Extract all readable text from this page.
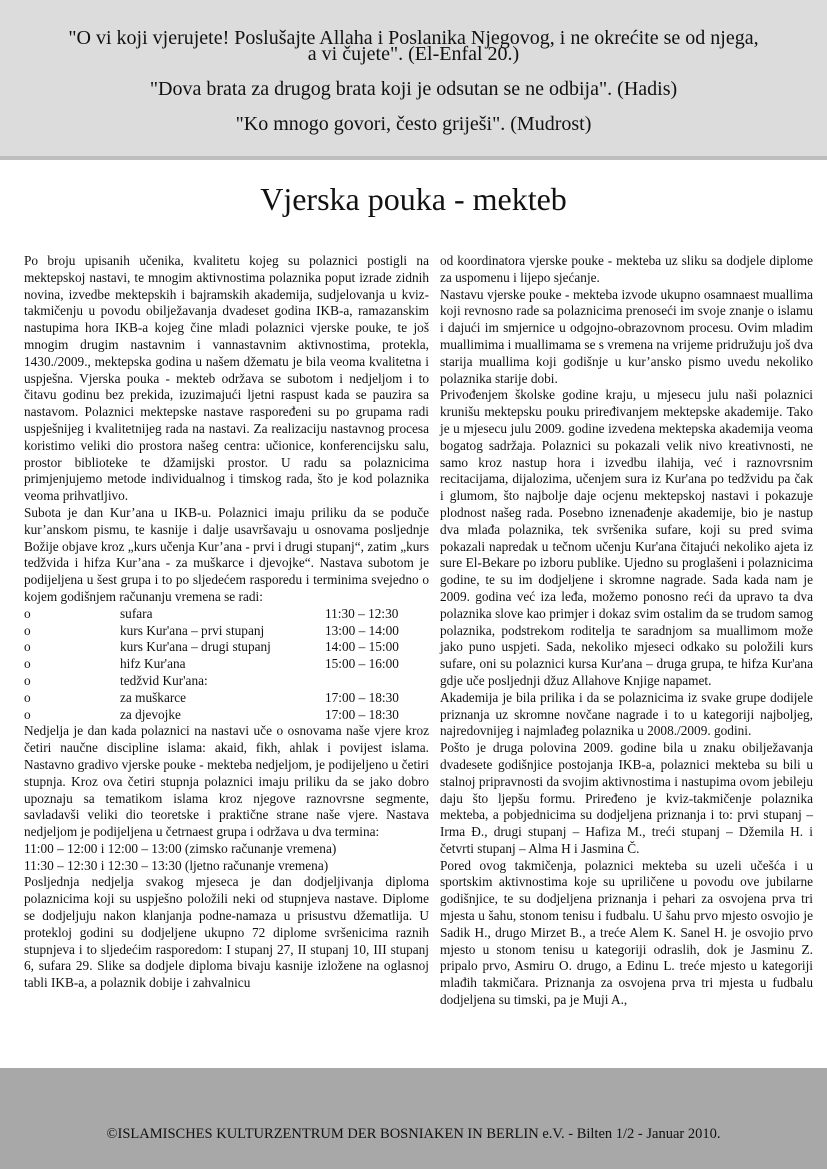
"O vi koji vjerujete! Poslušajte Allaha i Poslanika Njegovog, i ne okrećite se od njega,
a vi čujete". (El-Enfal 20.)
"Dova brata za drugog brata koji je odsutan se ne odbija". (Hadis)
"Ko mnogo govori, često griješi". (Mudrost)
Vjerska pouka - mekteb

Po broju upisanih učenika, kvalitetu kojeg su polaznici postigli na mektepskoj nastavi, te mnogim aktivnostima polaznika poput izrade zidnih novina, izvedbe mektepskih i bajramskih akademija, sudjelovanja u kviz-takmičenju u povodu obilježavanja dvadeset godina IKB-a, ramazanskim nastupima hora IKB-a kojeg čine mladi polaznici vjerske pouke, te još mnogim drugim nastavnim i vannastavnim aktivnostima, protekla, 1430./2009., mektepska godina u našem džematu je bila veoma kvalitetna i uspješna. Vjerska pouka - mekteb održava se subotom i nedjeljom i to čitavu godinu bez prekida, izuzimajući ljetni raspust kada se pauzira sa nastavom. Polaznici mektepske nastave raspoređeni su po grupama radi uspješnijeg i kvalitetnijeg rada na nastavi. Za realizaciju nastavnog procesa koristimo veliki dio prostora našeg centra: učionice, konferencijsku salu, prostor biblioteke te džamijski prostor. U radu sa polaznicima primjenjujemo metode individualnog i timskog rada, što je kod polaznika veoma prihvatljivo.

Subota je dan Kur’ana u IKB-u. Polaznici imaju priliku da se podučе kur’anskom pismu, te kasnije i dalje usavršavaju u osnovama posljednje Božije objave kroz „kurs učenja Kur’ana - prvi i drugi stupanj“, zatim „kurs tedžvida i hifza Kur’ana - za muškarce i djevojke“. Nastava subotom je podijeljena u šest grupa i to po sljedećem rasporedu i terminima svejedno o kojem godišnjem računanju vremena se radi:

o	sufara	11:30 – 12:30
o	kurs Kur'ana – prvi stupanj	13:00 – 14:00
o	kurs Kur'ana – drugi stupanj	14:00 – 15:00
o	hifz Kur'ana	15:00 – 16:00
o	tedžvid Kur'ana:	
o	za muškarce	17:00 – 18:30
o	za djevojke	17:00 – 18:30

Nedjelja je dan kada polaznici na nastavi uče o osnovama naše vjere kroz četiri naučne discipline islama: akaid, fikh, ahlak i povijest islama. Nastavno gradivo vjerske pouke - mekteba nedjeljom, je podijeljeno u četiri stupnja. Kroz ova četiri stupnja polaznici imaju priliku da se jako dobro upoznaju sa tematikom islama kroz njegove raznovrsne segmente, savladavši veliki dio teoretske i praktične strane naše vjere. Nastava nedjeljom je podijeljena u četrnaest grupa i održava u dva termina:

11:00 – 12:00 i 12:00 – 13:00 (zimsko računanje vremena)

11:30 – 12:30 i 12:30 – 13:30 (ljetno računanje vremena)

Posljednja nedjelja svakog mjeseca je dan dodjeljivanja diploma polaznicima koji su uspješno položili neki od stupnjeva nastave. Diplome se dodjeljuju nakon klanjanja podne-namaza u prisustvu džematlija. U proteklоj godini su dodjeljene ukupno 72 diplome svršenicima raznih stupnjeva i to sljedećim rasporedom: I stupanj 27, II stupanj 10, III stupanj 6, sufara 29. Slike sa dodjele diploma bivaju kasnije izložene na oglasnoj tabli IKB-a, a polaznik dobije i zahvalnicu

od koordinatora vjerske pouke - mekteba uz sliku sa dodjele diplome za uspomenu i lijepo sjećanje.

Nastavu vjerske pouke - mekteba izvode ukupno osamnaest muallima koji revnosno rade sa polaznicima prenoseći im svoje znanje o islamu i dajući im smjernice u odgojno-obrazovnom procesu. Ovim mladim muallimima i muallimama se s vremena na vrijeme pridružuju još dva starija muallima koji godišnje u kur’ansko pismo uvedu nekoliko polaznika starije dobi.

Privođenjem školske godine kraju, u mjesecu julu naši polaznici krunišu mektepsku pouku priređivanjem mektepske akademije. Tako je u mjesecu julu 2009. godine izvedena mektepska akademija veoma bogatog sadržaja. Polaznici su pokazali velik nivo kreativnosti, ne samo kroz nastup hora i izvedbu ilahija, već i raznovrsnim recitacijama, dijalozima, učenjem sura iz Kur'ana po tedžvidu pa čak i glumom, što najbolje daje ocjenu mektepskoj nastavi i pokazuje plodnost našeg rada. Posebno iznenađenje akademije, bio je nastup dva mlađa polaznika, tek svršenika sufare, koji su pred svima pokazali napredak u tečnom učenju Kur'ana čitajući nekoliko ajeta iz sure El-Bekare po izboru publike. Ujedno su proglašeni i polaznicima godine, te su im dodjeljene i skromne nagrade. Sada kada nam je 2009. godina već iza leđa, možemo ponosno reći da upravo ta dva polaznika slove kao primjer i dokaz svim ostalim da se trudom samog polaznika, podstrekom roditelja te saradnjom sa muallimom može jako puno uspjeti. Sada, nekoliko mjeseci odkako su položili kurs sufare, oni su polaznici kursa Kur'ana – druga grupa, te hifza Kur'ana gdje uče posljednji džuz Allahove Knjige napamet.

Akademija je bila prilika i da se polaznicima iz svake grupe dodijele priznanja uz skromne novčane nagrade i to u kategoriji najboljeg, najredovnijeg i najmlađeg polaznika u 2008./2009. godini.

Pošto je druga polovina 2009. godine bila u znaku obilježavanja dvadesete godišnjice postojanja IKB-a, polaznici mekteba su bili u stalnoj pripravnosti da svojim aktivnostima i nastupima ovom jebileju daju što ljepšu formu. Priređeno je kviz-takmičenje polaznika mekteba, a pobjednicima su dodjeljena priznanja i to: prvi stupanj – Irma Đ., drugi stupanj – Hafiza M., treći stupanj – Džemila H. i četvrti stupanj – Alma H i Jasmina Č.

Pored ovog takmičenja, polaznici mekteba su uzeli učešća i u sportskim aktivnostima koje su upriličene u povodu ove jubilarne godišnjice, te su dodjeljena priznanja i pehari za osvojena prva tri mjesta u šahu, stonom tenisu i fudbalu. U šahu prvo mjesto osvojio je Sadik H., drugo Mirzet B., a treće Alem K. Sanel H. je osvojio prvo mjesto u stonom tenisu u kategoriji odraslih, dok je Jasminu Z. pripalo prvo, Asmiru O. drugo, a Edinu L. treće mjesto u kategoriji mlađih takmičara. Priznanja za osvojena prva tri mjesta u fudbalu dodjeljena su timski, pa je Muji A.,

©ISLAMISCHES KULTURZENTRUM DER BOSNIAKEN IN BERLIN e.V. - Bilten 1/2 - Januar 2010.
